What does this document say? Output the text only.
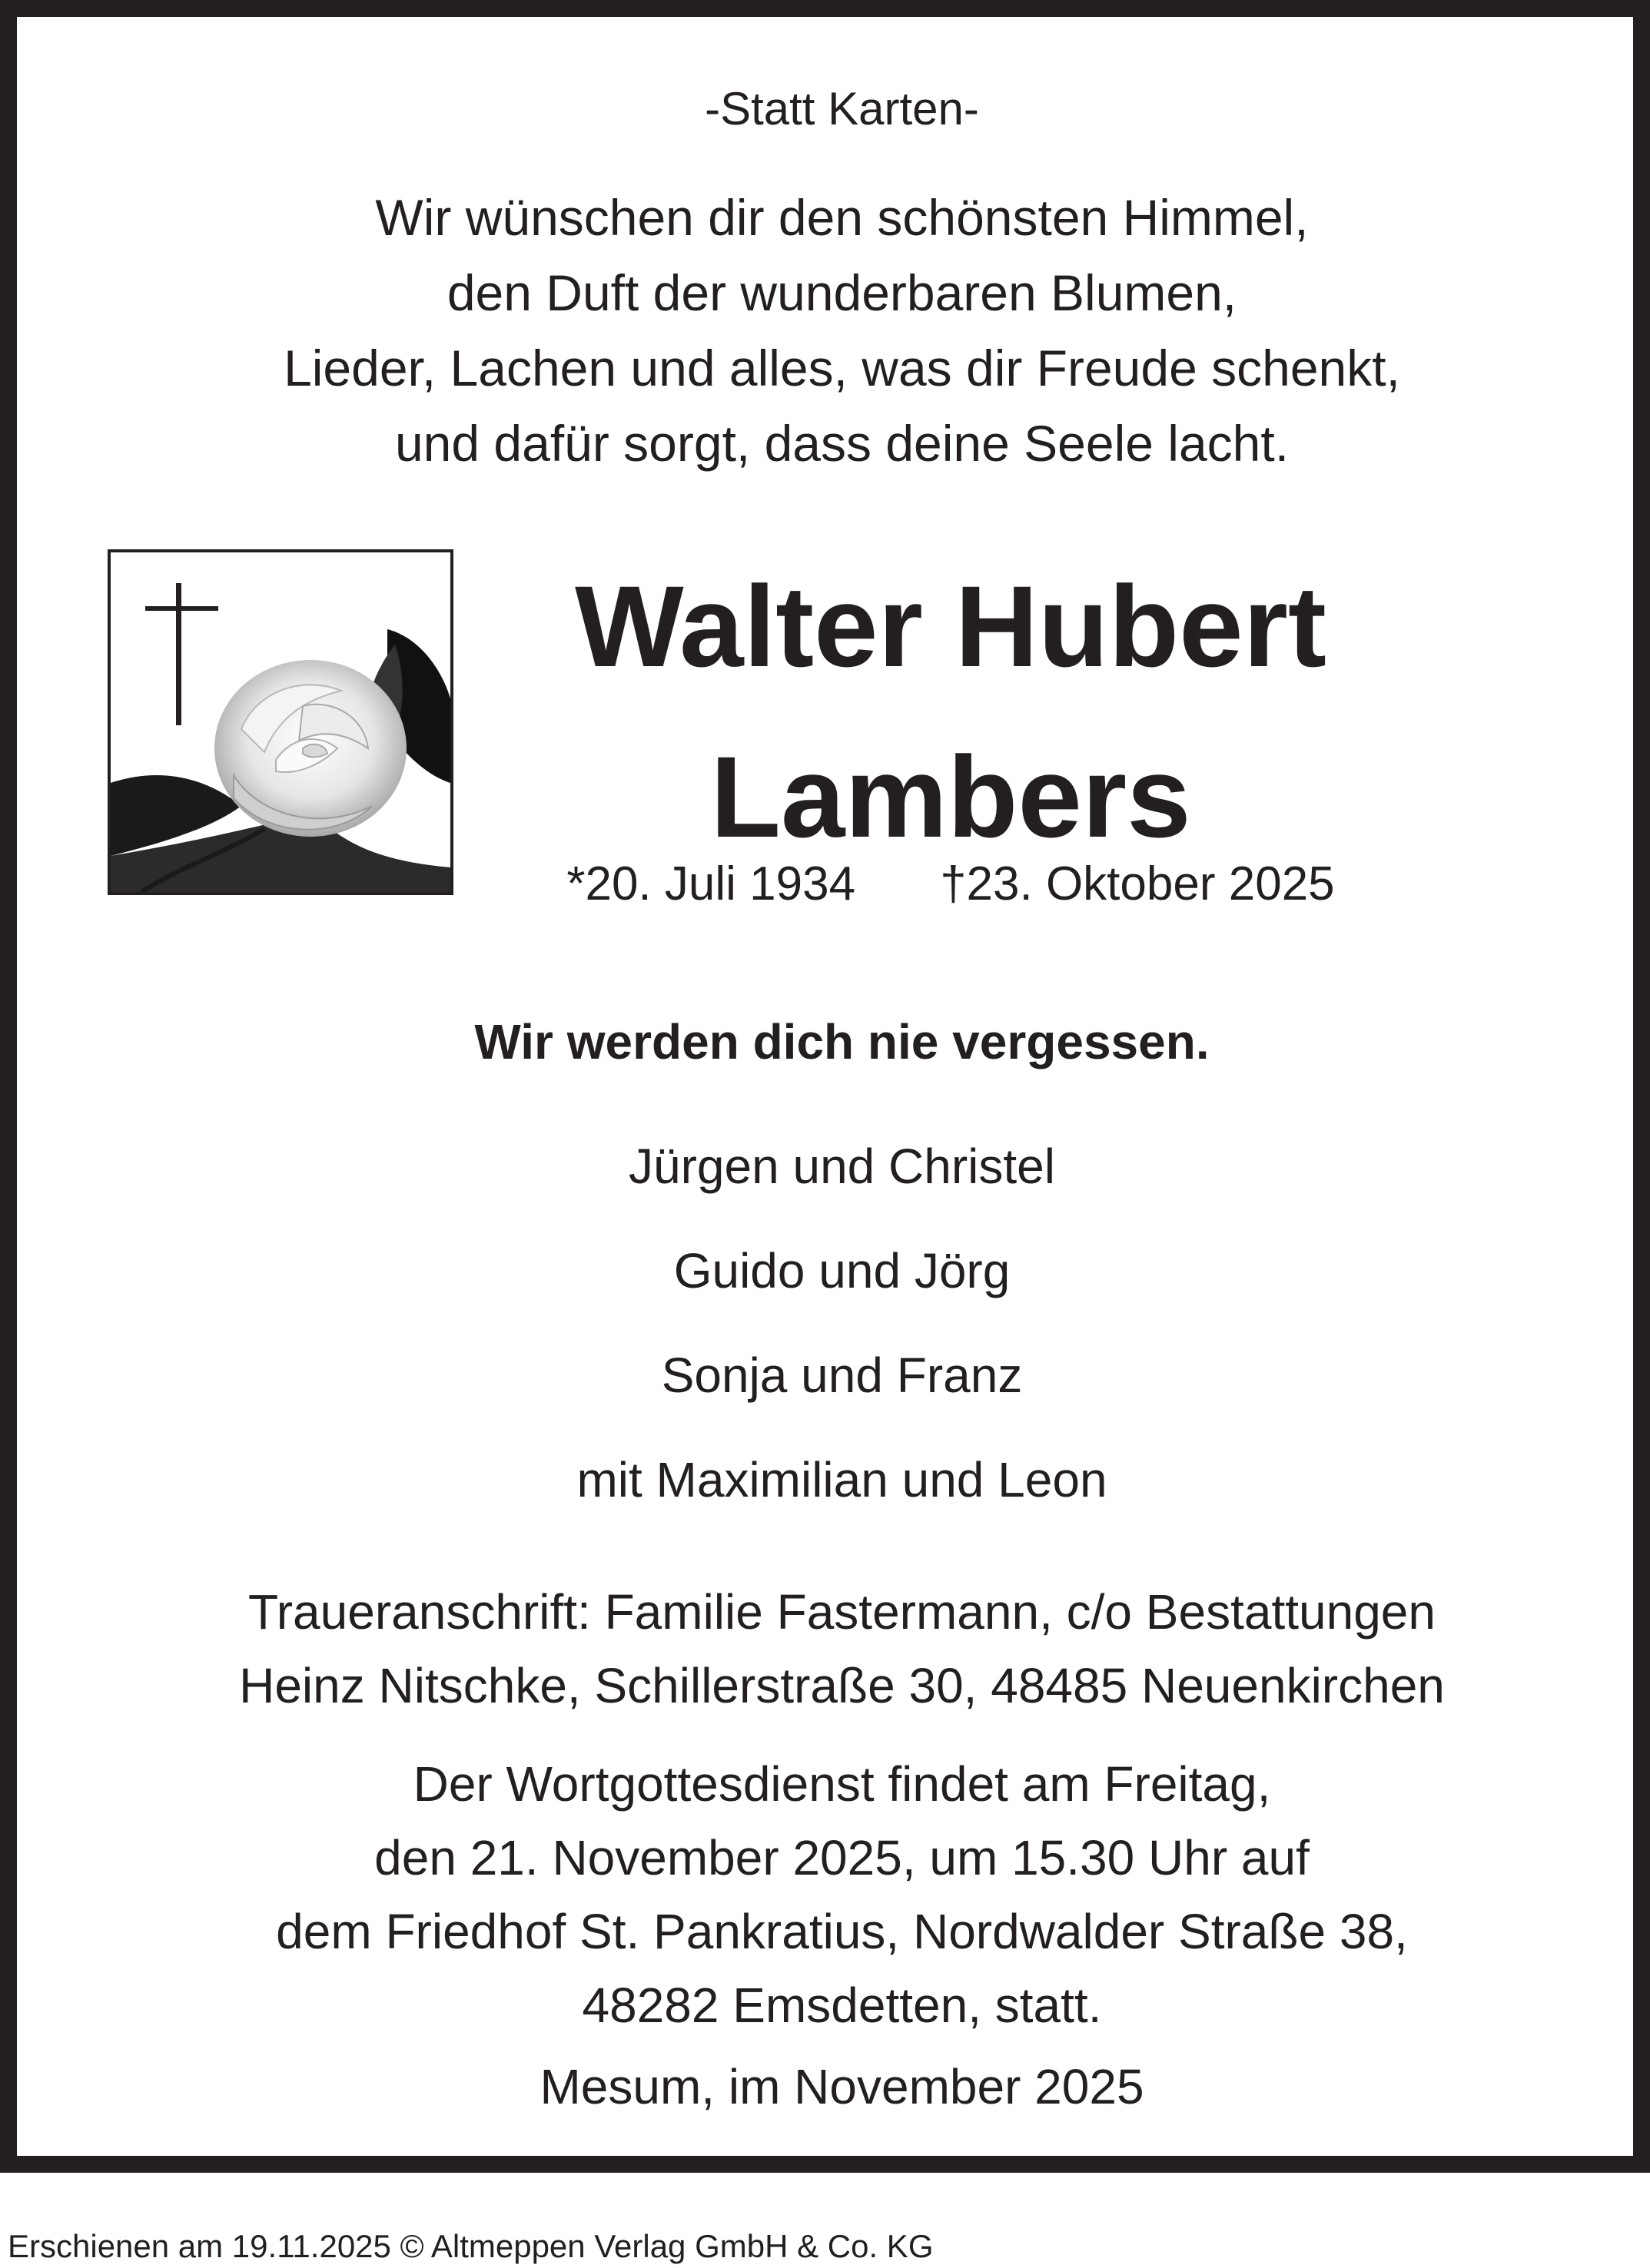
-Statt Karten-
Wir wünschen dir den schönsten Himmel,
den Duft der wunderbaren Blumen,
Lieder, Lachen und alles, was dir Freude schenkt,
und dafür sorgt, dass deine Seele lacht.
Walter Hubert
Lambers
*20. Juli 1934 †23. Oktober 2025
Wir werden dich nie vergessen.
Jürgen und Christel
Guido und Jörg
Sonja und Franz
mit Maximilian und Leon
Traueranschrift: Familie Fastermann, c/o Bestattungen
Heinz Nitschke, Schillerstraße 30, 48485 Neuenkirchen
Der Wortgottesdienst findet am Freitag,
den 21. November 2025, um 15.30 Uhr auf
dem Friedhof St. Pankratius, Nordwalder Straße 38,
48282 Emsdetten, statt.
Mesum, im November 2025
Erschienen am 19.11.2025 © Altmeppen Verlag GmbH & Co. KG
